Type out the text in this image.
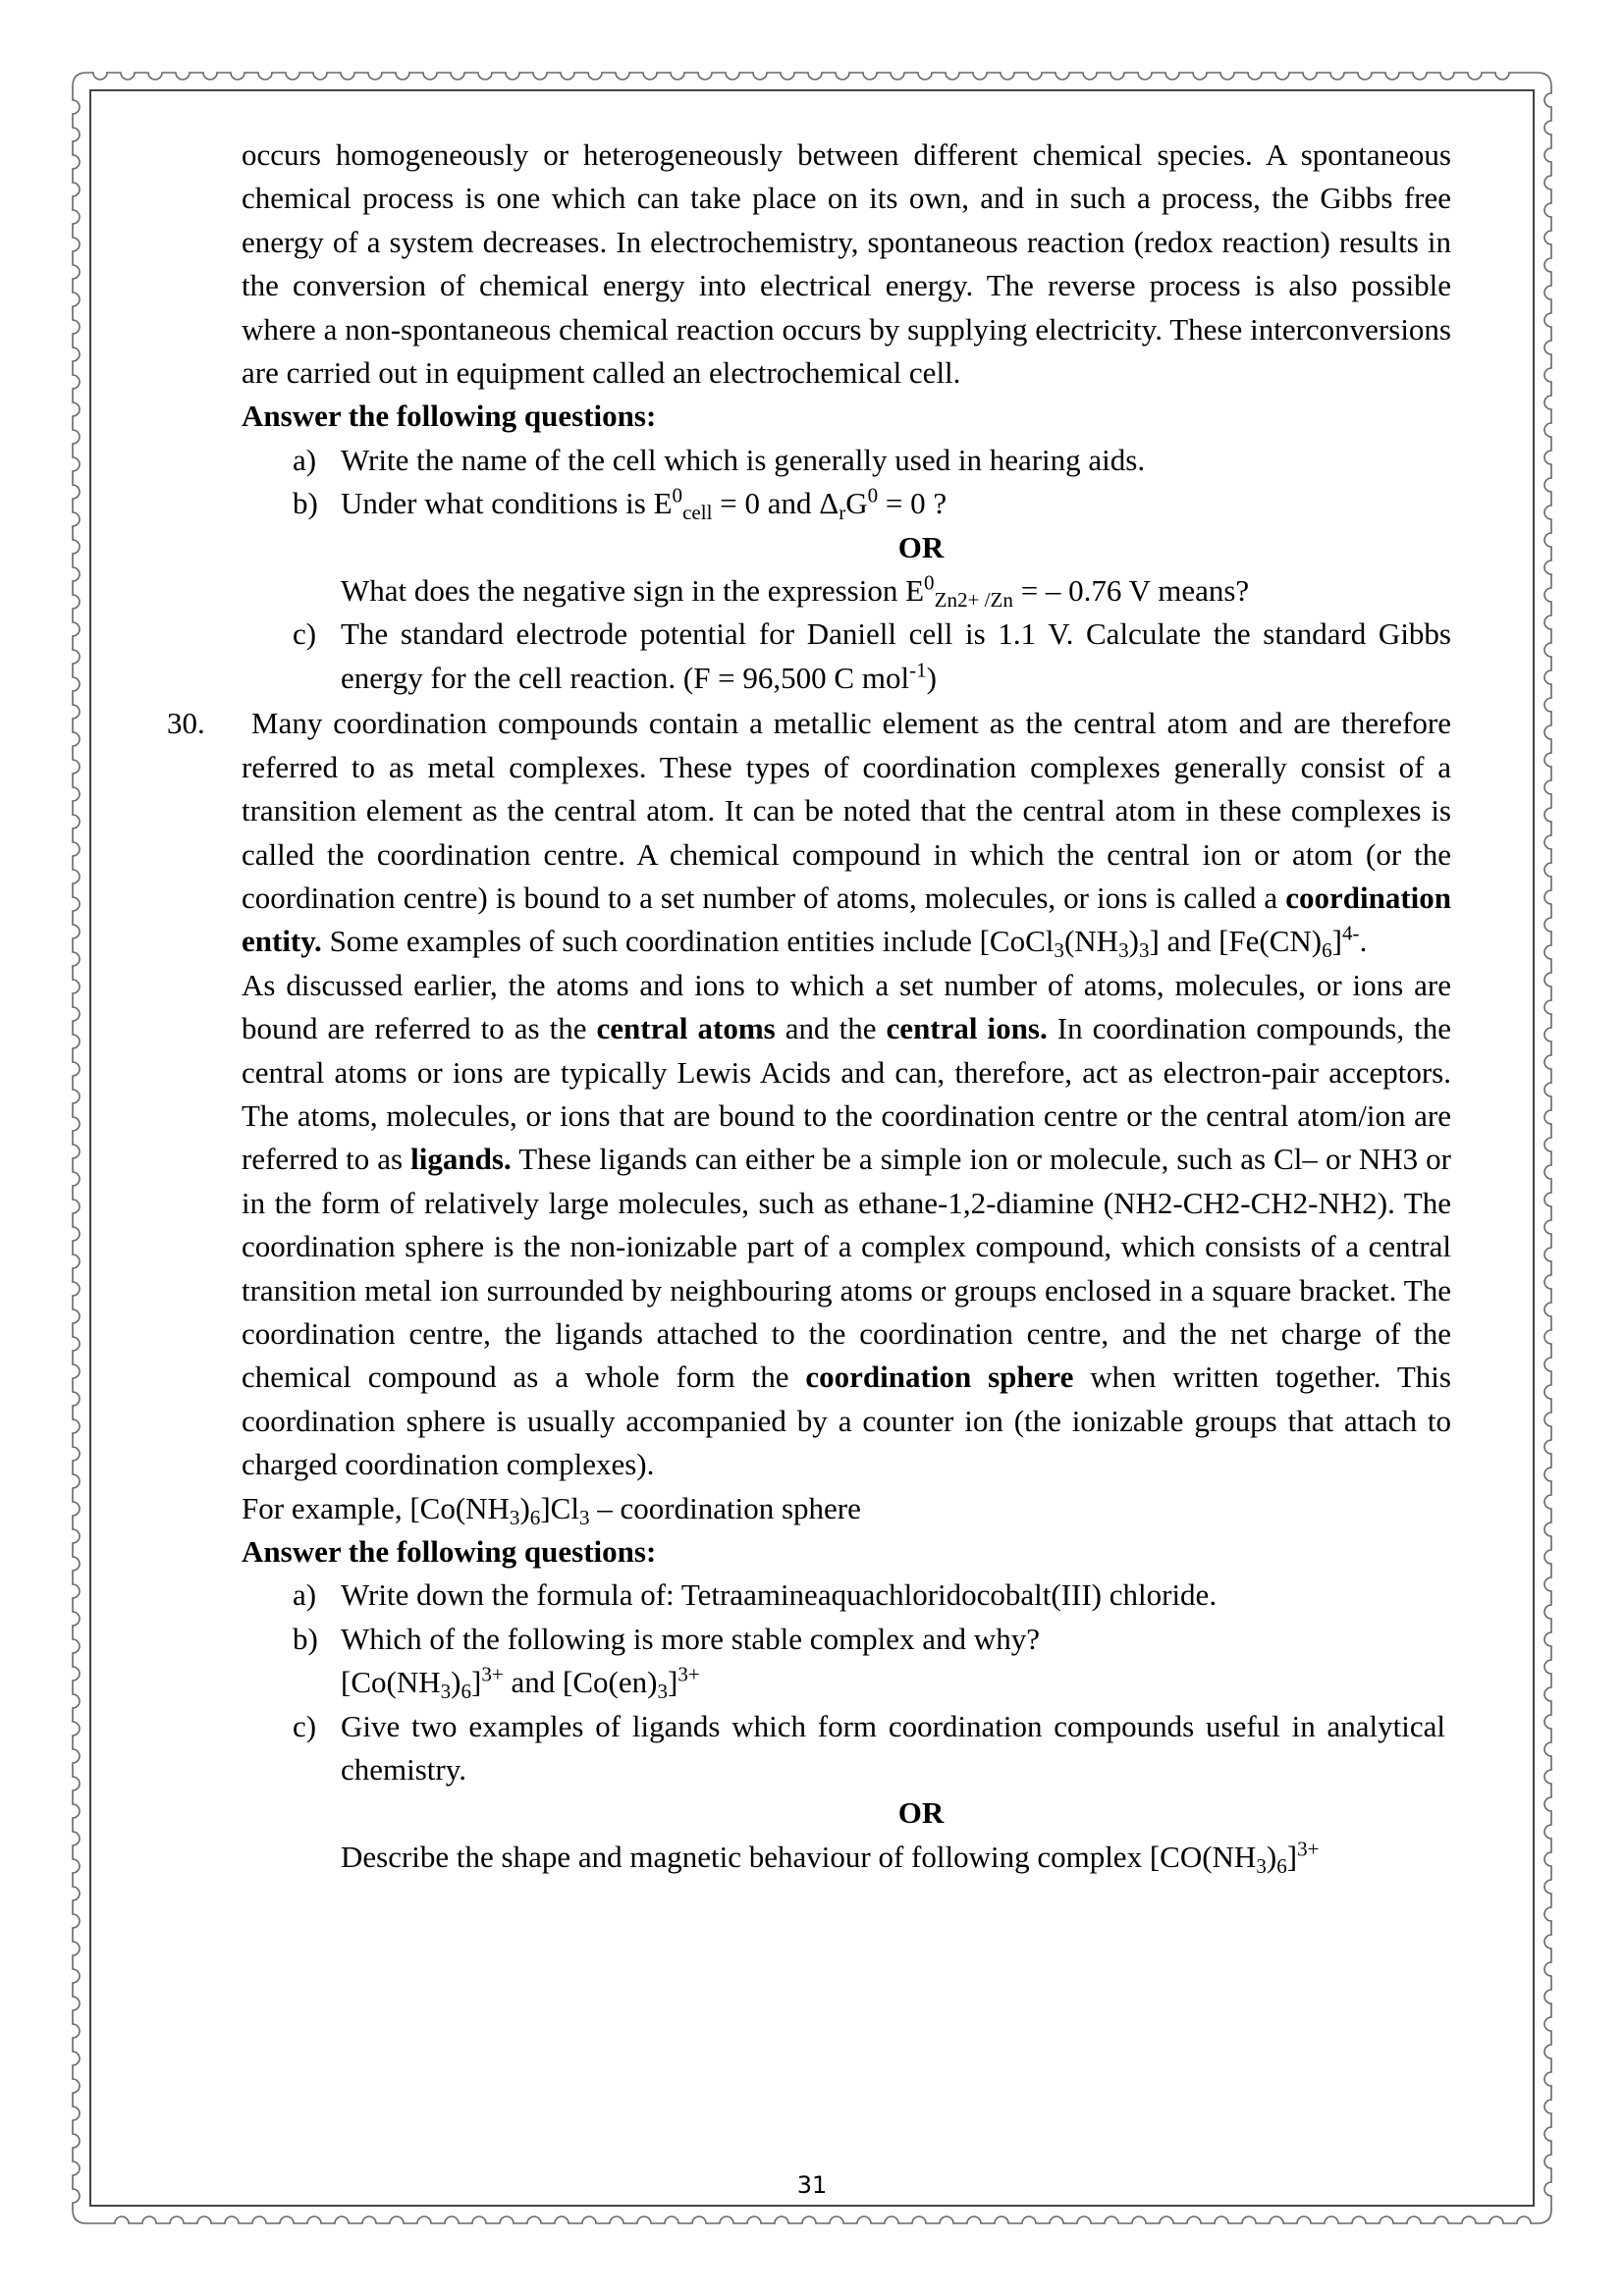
occurs homogeneously or heterogeneously between different chemical species. A spontaneous chemical process is one which can take place on its own, and in such a process, the Gibbs free energy of a system decreases. In electrochemistry, spontaneous reaction (redox reaction) results in the conversion of chemical energy into electrical energy. The reverse process is also possible where a non-spontaneous chemical reaction occurs by supplying electricity. These interconversions are carried out in equipment called an electrochemical cell.

Answer the following questions:

a) Write the name of the cell which is generally used in hearing aids.
b) Under what conditions is $E^0_{cell} = 0$ and $\Delta_rG^0 = 0$ ?

OR

What does the negative sign in the expression $E^0_{Zn2+ /Zn}$ = – 0.76 V means?
c) The standard electrode potential for Daniell cell is 1.1 V. Calculate the standard Gibbs energy for the cell reaction. (F = 96,500 C mol$^{-1}$)
30.	Many coordination compounds contain a metallic element as the central atom and are therefore referred to as metal complexes. These types of coordination complexes generally consist of a transition element as the central atom. It can be noted that the central atom in these complexes is called the coordination centre. A chemical compound in which the central ion or atom (or the coordination centre) is bound to a set number of atoms, molecules, or ions is called a coordination entity. Some examples of such coordination entities include $[CoCl_3(NH_3)_3]$ and $[Fe(CN)_6]^{4-}$.

As discussed earlier, the atoms and ions to which a set number of atoms, molecules, or ions are bound are referred to as the central atoms and the central ions. In coordination compounds, the central atoms or ions are typically Lewis Acids and can, therefore, act as electron-pair acceptors. The atoms, molecules, or ions that are bound to the coordination centre or the central atom/ion are referred to as ligands. These ligands can either be a simple ion or molecule, such as Cl– or NH3 or in the form of relatively large molecules, such as ethane-1,2-diamine (NH2-CH2-CH2-NH2). The coordination sphere is the non-ionizable part of a complex compound, which consists of a central transition metal ion surrounded by neighbouring atoms or groups enclosed in a square bracket. The coordination centre, the ligands attached to the coordination centre, and the net charge of the chemical compound as a whole form the coordination sphere when written together. This coordination sphere is usually accompanied by a counter ion (the ionizable groups that attach to charged coordination complexes).

For example, $[Co(NH_3)_6]Cl_3$ – coordination sphere

Answer the following questions:

a) Write down the formula of: Tetraamineaquachloridocobalt(III) chloride.
b) Which of the following is more stable complex and why?
$[Co(NH_3)_6]^{3+}$ and $[Co(en)_3]^{3+}$
c) Give two examples of ligands which form coordination compounds useful in analytical chemistry.

OR

Describe the shape and magnetic behaviour of following complex $[CO(NH_3)_6]^{3+}$
31
